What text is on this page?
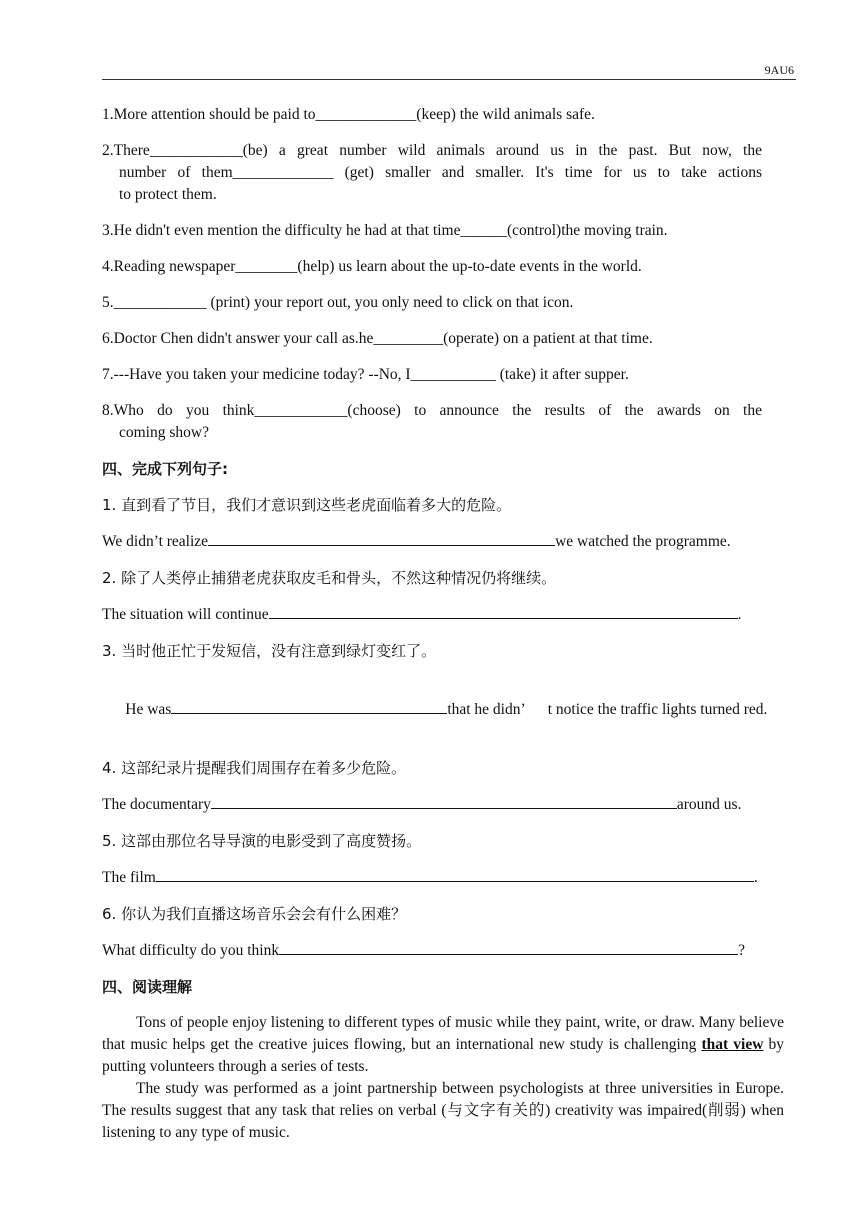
9AU6
1.More attention should be paid to_____________(keep) the wild animals safe.
2.There____________(be) a great number wild animals around us in the past. But now, the
number of them_____________ (get) smaller and smaller. It's time for us to take actions
to protect them.
3.He didn't even mention the difficulty he had at that time______(control)the moving train.
4.Reading newspaper________(help) us learn about the up-to-date events in the world.
5.____________ (print) your report out, you only need to click on that icon.
6.Doctor Chen didn't answer your call as.he_________(operate) on a patient at that time.
7.---Have you taken your medicine today? --No, I___________ (take) it after supper.
8.Who do you think____________(choose) to announce the results of the awards on the
coming show?
四、完成下列句子:
1. 直到看了节目，我们才意识到这些老虎面临着多大的危险。
We didn’t realize	we watched the programme.
2. 除了人类停止捕猎老虎获取皮毛和骨头，不然这种情况仍将继续。
The situation will continue	.
3. 当时他正忙于发短信，没有注意到绿灯变红了。

He was	that he didn’      t notice the traffic lights turned red.

4. 这部纪录片提醒我们周围存在着多少危险。
The documentary	around us.
5. 这部由那位名导导演的电影受到了高度赞扬。
The film	.
6. 你认为我们直播这场音乐会会有什么困难？
What difficulty do you think	?
四、阅读理解

Tons of people enjoy listening to different types of music while they paint, write, or draw. Many believe that music helps get the creative juices flowing, but an international new study is challenging that view by putting volunteers through a series of tests.

The study was performed as a joint partnership between psychologists at three universities in Europe. The results suggest that any task that relies on verbal (与文字有关的) creativity was impaired(削弱) when listening to any type of music.
